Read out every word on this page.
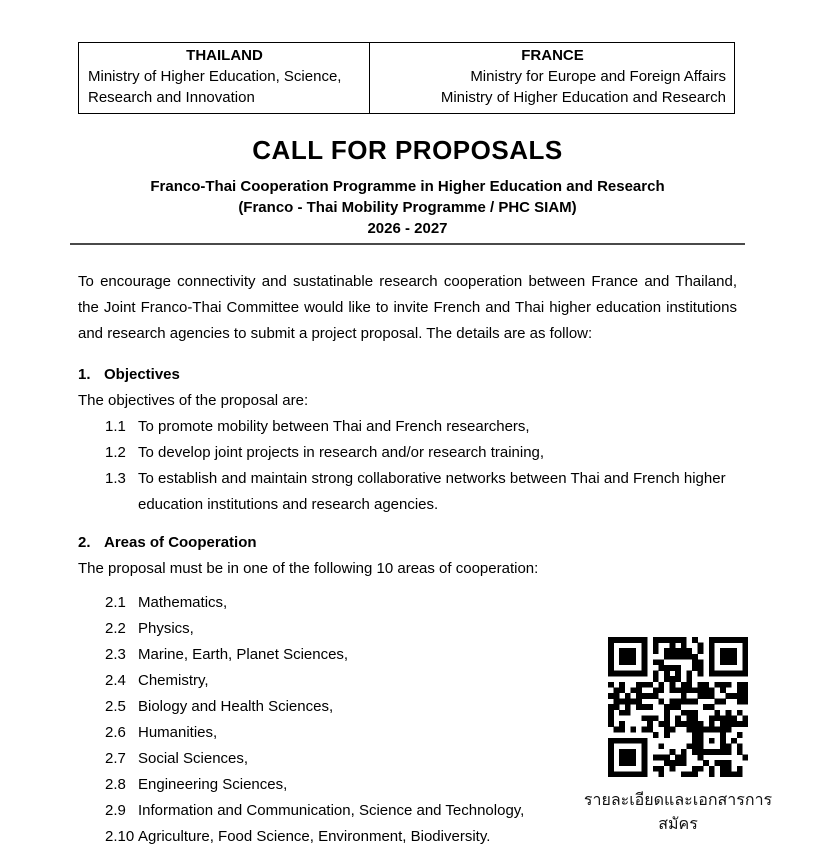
THAILAND
Ministry of Higher Education, Science, Research and Innovation
FRANCE
Ministry for Europe and Foreign Affairs
Ministry of Higher Education and Research
CALL FOR PROPOSALS
Franco-Thai Cooperation Programme in Higher Education and Research
(Franco - Thai Mobility Programme / PHC SIAM)
2026 - 2027

To encourage connectivity and sustatinable research cooperation between France and Thailand, the Joint Franco-Thai Committee would like to invite French and Thai higher education institutions and research agencies to submit a project proposal. The details are as follow:

1. Objectives
The objectives of the proposal are:
1.1 To promote mobility between Thai and French researchers,
1.2 To develop joint projects in research and/or research training,
1.3 To establish and maintain strong collaborative networks between Thai and French higher education institutions and research agencies.
2. Areas of Cooperation
The proposal must be in one of the following 10 areas of cooperation:
2.1 Mathematics,
2.2 Physics,
2.3 Marine, Earth, Planet Sciences,
2.4 Chemistry,
2.5 Biology and Health Sciences,
2.6 Humanities,
2.7 Social Sciences,
2.8 Engineering Sciences,
2.9 Information and Communication, Science and Technology,
2.10 Agriculture, Food Science, Environment, Biodiversity.
รายละเอียดและเอกสารการสมัคร
